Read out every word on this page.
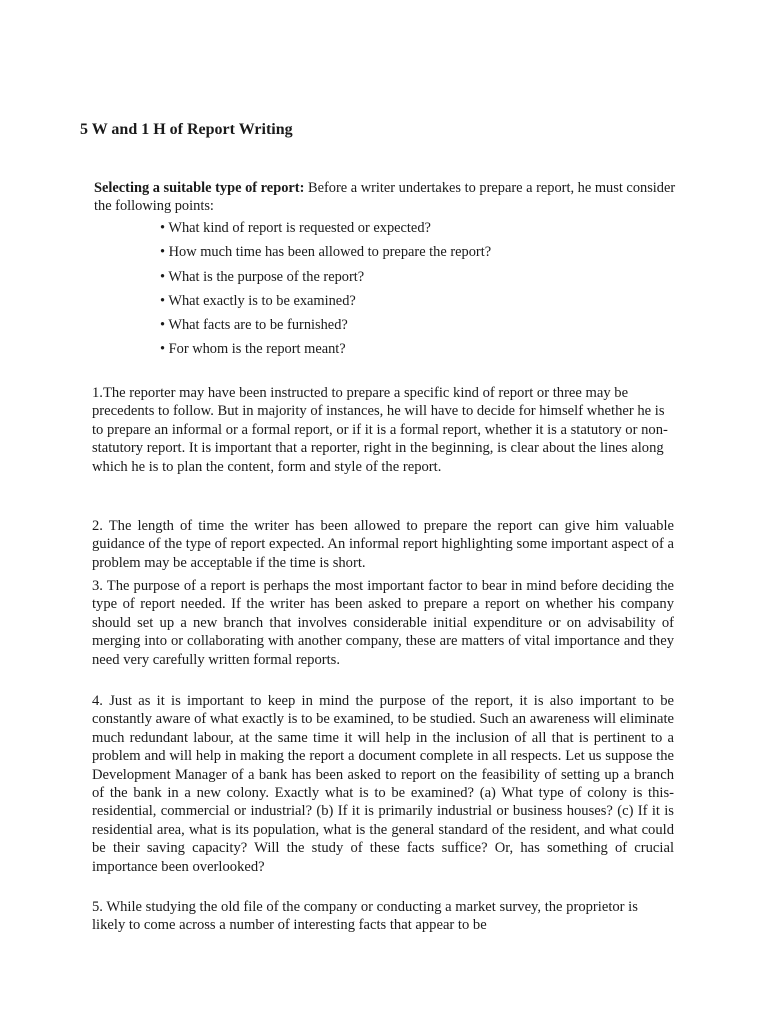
5 W and 1 H of Report Writing

Selecting a suitable type of report: Before a writer undertakes to prepare a report, he must consider the following points:

• What kind of report is requested or expected?
• How much time has been allowed to prepare the report?
• What is the purpose of the report?
• What exactly is to be examined?
• What facts are to be furnished?
• For whom is the report meant?

1.The reporter may have been instructed to prepare a specific kind of report or three may be precedents to follow. But in majority of instances, he will have to decide for himself whether he is to prepare an informal or a formal report, or if it is a formal report, whether it is a statutory or non-statutory report. It is important that a reporter, right in the beginning, is clear about the lines along which he is to plan the content, form and style of the report.

2. The length of time the writer has been allowed to prepare the report can give him valuable guidance of the type of report expected. An informal report highlighting some important aspect of a problem may be acceptable if the time is short.

3. The purpose of a report is perhaps the most important factor to bear in mind before deciding the type of report needed. If the writer has been asked to prepare a report on whether his company should set up a new branch that involves considerable initial expenditure or on advisability of merging into or collaborating with another company, these are matters of vital importance and they need very carefully written formal reports.

4. Just as it is important to keep in mind the purpose of the report, it is also important to be constantly aware of what exactly is to be examined, to be studied. Such an awareness will eliminate much redundant labour, at the same time it will help in the inclusion of all that is pertinent to a problem and will help in making the report a document complete in all respects. Let us suppose the Development Manager of a bank has been asked to report on the feasibility of setting up a branch of the bank in a new colony. Exactly what is to be examined? (a) What type of colony is this-residential, commercial or industrial? (b) If it is primarily industrial or business houses? (c) If it is residential area, what is its population, what is the general standard of the resident, and what could be their saving capacity? Will the study of these facts suffice? Or, has something of crucial importance been overlooked?

5. While studying the old file of the company or conducting a market survey, the proprietor is likely to come across a number of interesting facts that appear to be
